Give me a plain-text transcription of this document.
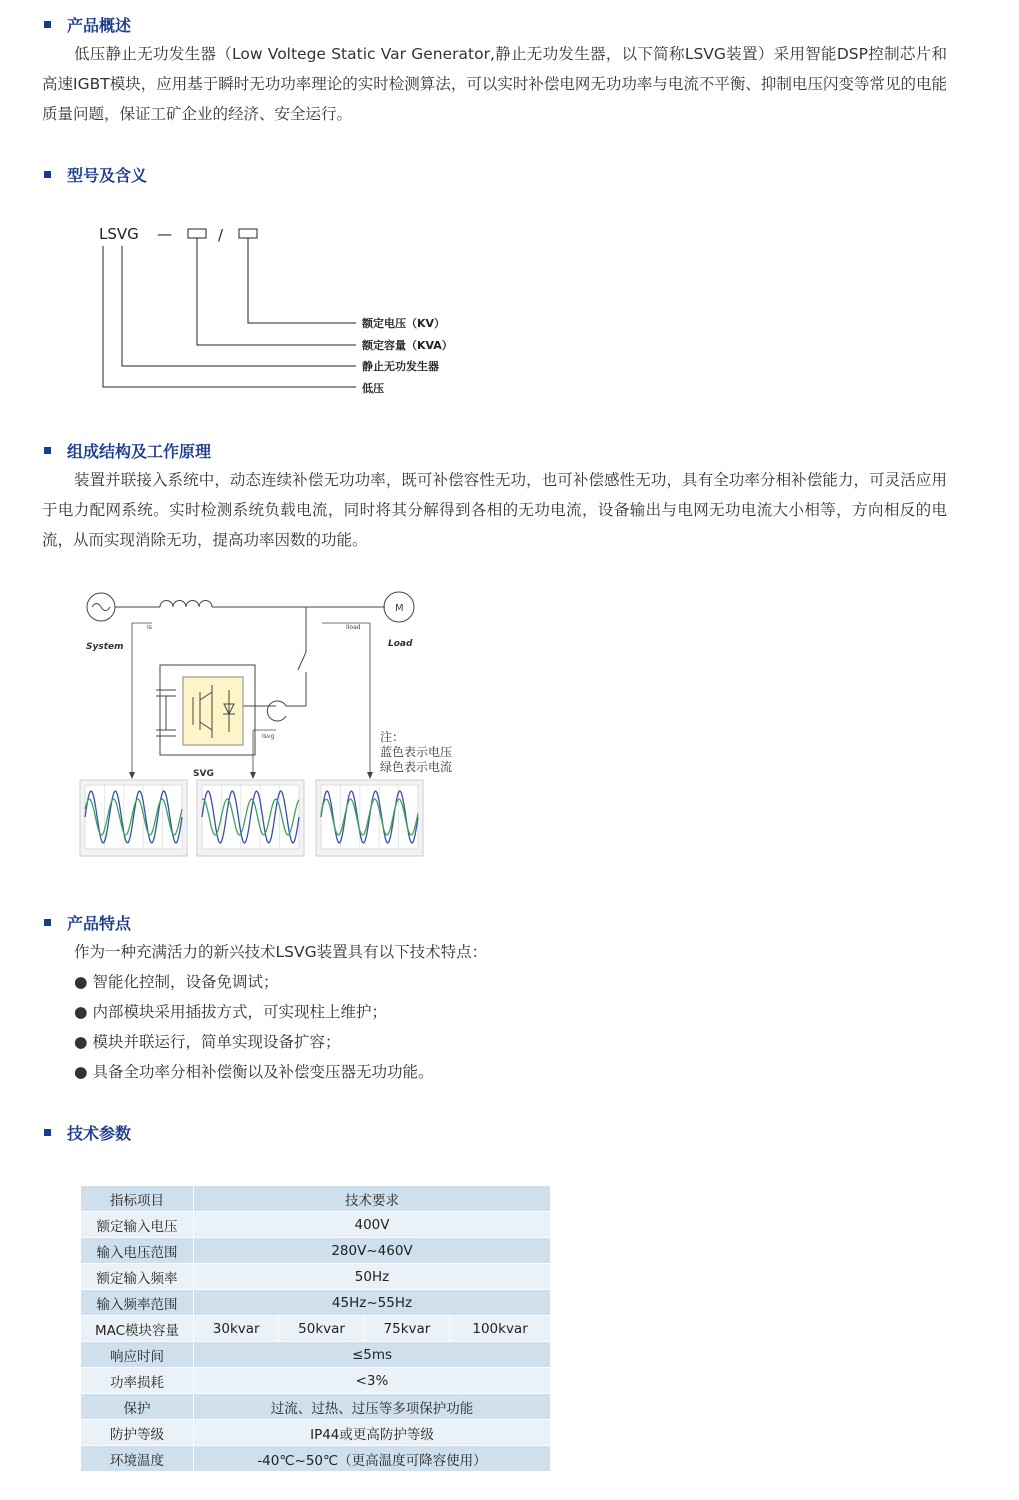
产品概述

低压静止无功发生器（Low Voltege Static Var Generator,静止无功发生器，以下简称LSVG装置）采用智能DSP控制芯片和高速IGBT模块，应用基于瞬时无功功率理论的实时检测算法，可以实时补偿电网无功功率与电流不平衡、抑制电压闪变等常见的电能质量问题，保证工矿企业的经济、安全运行。

型号及含义
LSVG —	/
额定电压（KV）
额定容量（KVA）
静止无功发生器
低压
组成结构及工作原理

装置并联接入系统中，动态连续补偿无功功率，既可补偿容性无功，也可补偿感性无功，具有全功率分相补偿能力，可灵活应用于电力配网系统。实时检测系统负载电流，同时将其分解得到各相的无功电流，设备输出与电网无功电流大小相等，方向相反的电流，从而实现消除无功，提高功率因数的功能。

M
System	Load
Is	Iload
Isvg
SVG
注：
蓝色表示电压
绿色表示电流
产品特点
作为一种充满活力的新兴技术LSVG装置具有以下技术特点：
● 智能化控制，设备免调试；
● 内部模块采用插拔方式，可实现柱上维护；
● 模块并联运行，简单实现设备扩容；
● 具备全功率分相补偿衡以及补偿变压器无功功能。
技术参数
指标项目	技术要求			
额定输入电压	400V			
输入电压范围	280V~460V			
额定输入频率	50Hz			
输入频率范围	45Hz~55Hz			
MAC模块容量	30kvar	50kvar	75kvar	100kvar
响应时间	≤5ms			
功率损耗	<3%			
保护	过流、过热、过压等多项保护功能			
防护等级	IP44或更高防护等级			
环境温度	-40℃~50℃（更高温度可降容使用）			
